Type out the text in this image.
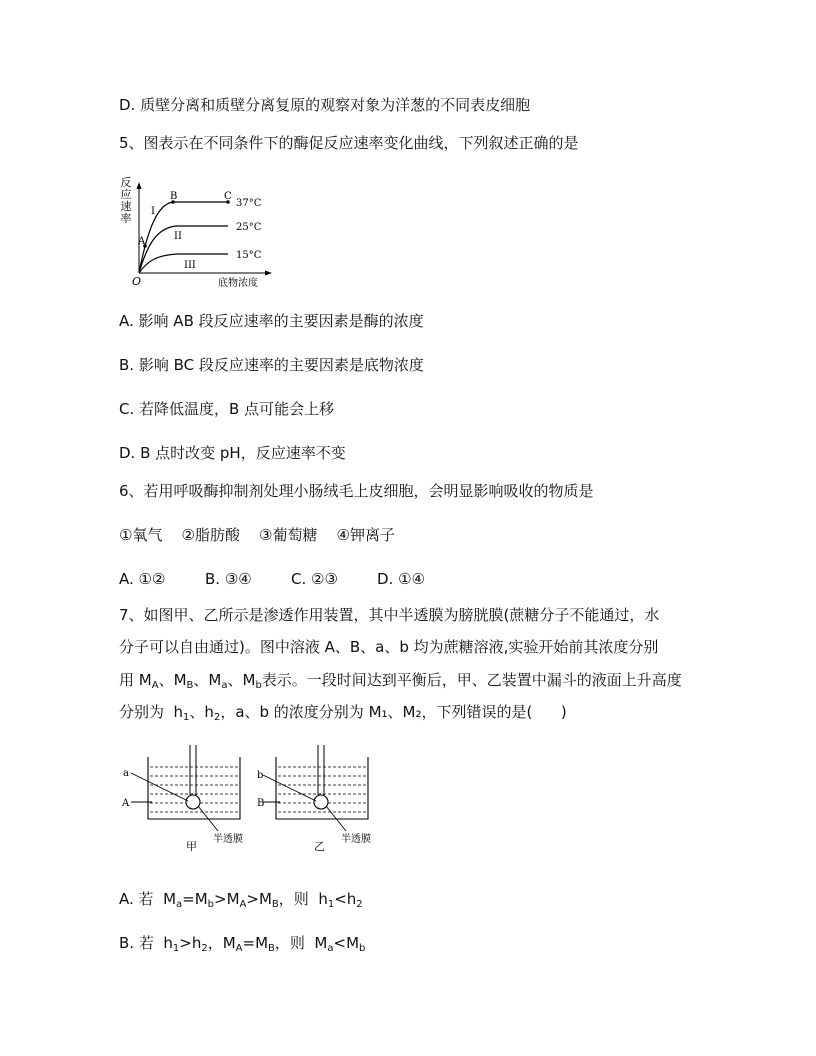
D. 质壁分离和质壁分离复原的观察对象为洋葱的不同表皮细胞
5、图表示在不同条件下的酶促反应速率变化曲线，下列叙述正确的是
反
应
速
率
O	底物浓度
A
B	C
I
II
III
37°C
25°C
15°C
A. 影响 AB 段反应速率的主要因素是酶的浓度
B. 影响 BC 段反应速率的主要因素是底物浓度
C. 若降低温度，B 点可能会上移
D. B 点时改变 pH，反应速率不变
6、若用呼吸酶抑制剂处理小肠绒毛上皮细胞，会明显影响吸收的物质是
①氧气    ②脂肪酸    ③葡萄糖    ④钾离子
A. ①②	B. ③④	C. ②③	D. ①④
7、如图甲、乙所示是渗透作用装置，其中半透膜为膀胱膜(蔗糖分子不能通过，水
分子可以自由通过)。图中溶液 A、B、a、b 均为蔗糖溶液,实验开始前其浓度分别
用 $M_A$、$M_B$、$M_a$、$M_b$表示。一段时间达到平衡后，甲、乙装置中漏斗的液面上升高度
分别为  $h_1$、$h_2$，a、b 的浓度分别为 M₁、M₂，下列错误的是(      )
a
A
半透膜
甲
b
B
半透膜
乙
A. 若  $M_a=M_b>M_A>M_B$，则  $h_1<h_2$
B. 若  $h_1>h_2$，$M_A=M_B$，则  $M_a<M_b$
